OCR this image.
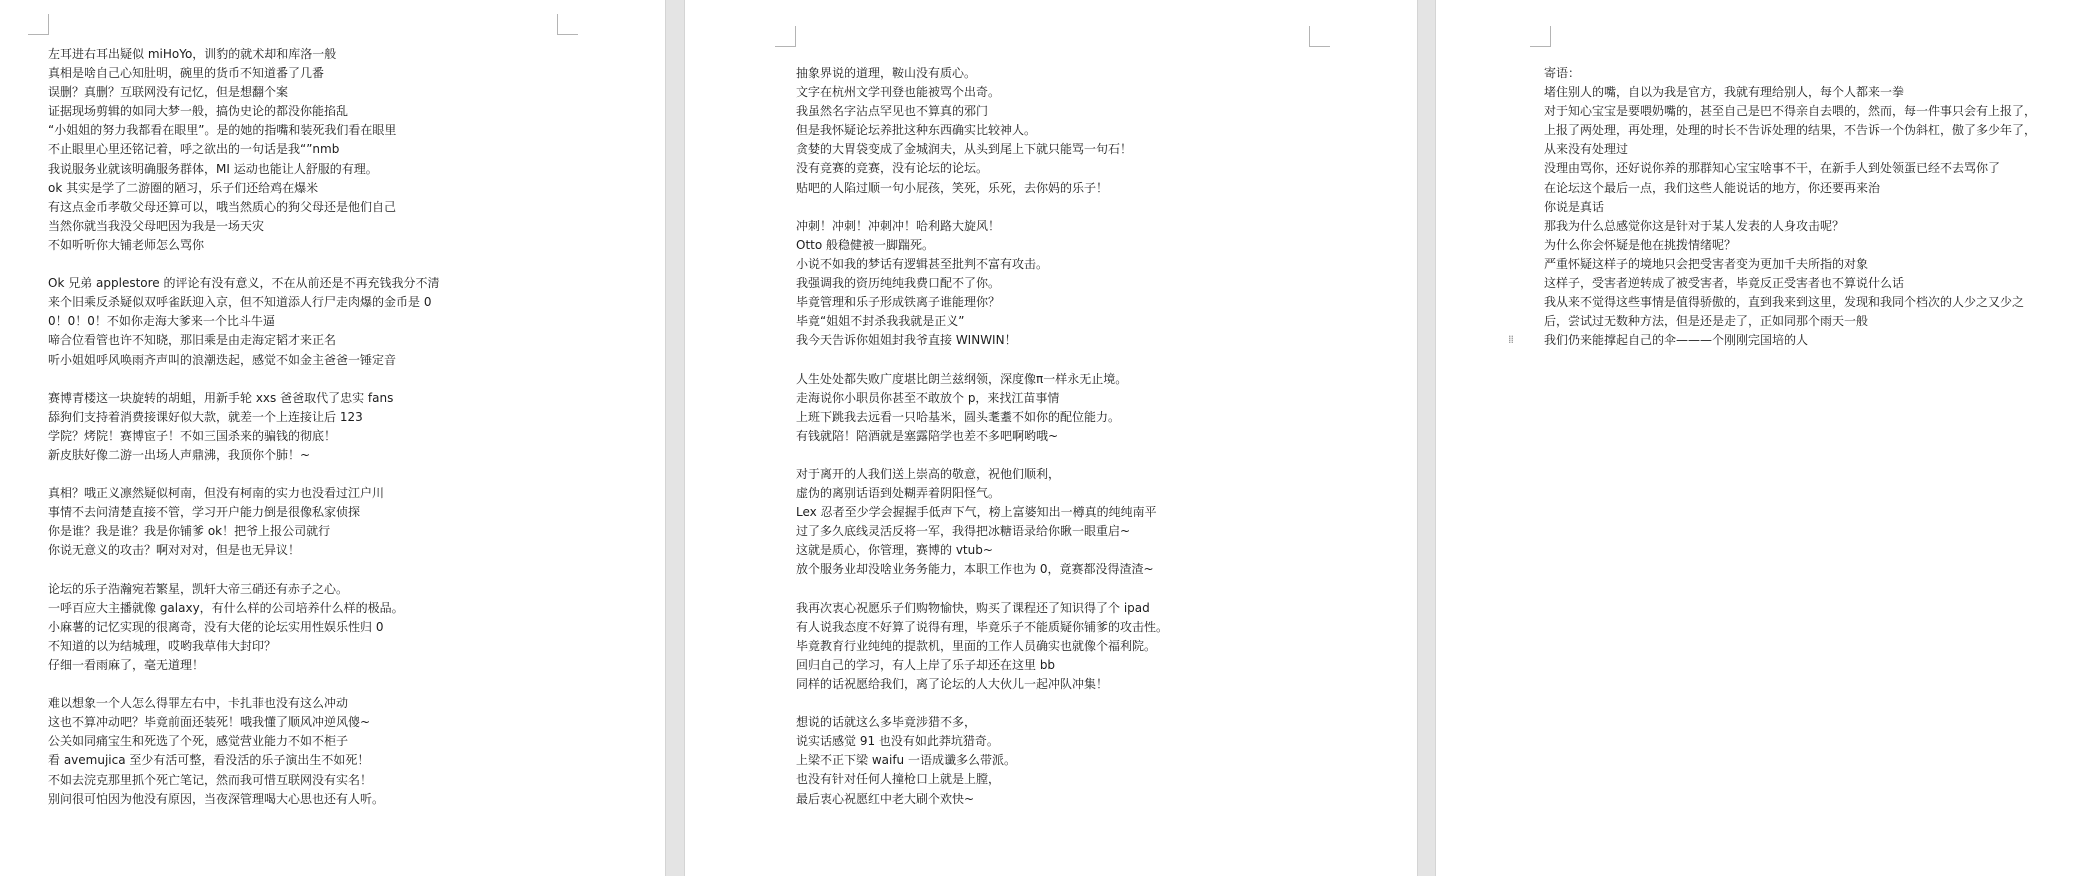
左耳进右耳出疑似 miHoYo，训豹的就术却和库洛一般
真相是啥自己心知肚明，碗里的货币不知道番了几番
误删？真删？互联网没有记忆，但是想翻个案
证据现场剪辑的如同大梦一般，搞伪史论的都没你能掐乱
“小姐姐的努力我都看在眼里”。是的她的指嘴和装死我们看在眼里
不止眼里心里还铭记着，呼之欲出的一句话是我“”nmb
我说服务业就该明确服务群体，MI 运动也能让人舒服的有理。
ok 其实是学了二游圈的陋习，乐子们还给鸡在爆米
有这点金币孝敬父母还算可以，哦当然质心的狗父母还是他们自己
当然你就当我没父母吧因为我是一场天灾
不如听听你大铺老师怎么骂你
Ok 兄弟 applestore 的评论有没有意义，不在从前还是不再充钱我分不清
来个旧乘反杀疑似双呼雀跃迎入京，但不知道添人行尸走肉爆的金币是 0
0！0！0！不如你走海大爹来一个比斗牛逼
啼合位看管也许不知晓，那旧乘是由走海定韬才来正名
听小姐姐呼风唤雨齐声叫的浪潮迭起，感觉不如金主爸爸一锤定音
赛博青楼这一块旋转的胡蛆，用新手轮 xxs 爸爸取代了忠实 fans
舔狗们支持着消费接课好似大款，就差一个上连接让后 123
学院？烤院！赛博宦子！不如三国杀来的骗钱的彻底！
新皮肤好像二游一出场人声鼎沸，我顶你个肺！~
真相？哦正义凛然疑似柯南，但没有柯南的实力也没看过江户川
事情不去问清楚直接不管，学习开户能力倒是很像私家侦探
你是谁？我是谁？我是你铺爹 ok！把爷上报公司就行
你说无意义的攻击？啊对对对，但是也无异议！
论坛的乐子浩瀚宛若繁星，凯轩大帝三硝还有赤子之心。
一呼百应大主播就像 galaxy，有什么样的公司培养什么样的极品。
小麻薯的记忆实现的很离奇，没有大佬的论坛实用性娱乐性归 0
不知道的以为结城理，哎哟我草伟大封印？
仔细一看雨麻了，毫无道理！
难以想象一个人怎么得罪左右中，卡扎菲也没有这么冲动
这也不算冲动吧？毕竟前面还装死！哦我懂了顺风冲逆风傻~
公关如同痛宝生和死选了个死，感觉营业能力不如不柜子
看 avemujica 至少有活可整，看没活的乐子演出生不如死！
不如去浣克那里抓个死亡笔记，然而我可惜互联网没有实名！
别问很可怕因为他没有原因，当夜深管理喝大心思也还有人听。
抽象界说的道理，鞍山没有质心。
文字在杭州文学刊登也能被骂个出奇。
我虽然名字沾点罕见也不算真的邪门
但是我怀疑论坛养批这种东西确实比较神人。
贪婪的大胃袋变成了金城润夫，从头到尾上下就只能骂一句石！
没有竞赛的竞赛，没有论坛的论坛。
贴吧的人陷过顺一句小屁孩，笑死，乐死，去你妈的乐子！
冲刺！冲刺！冲刺冲！哈利路大旋风！
Otto 般稳健被一脚踹死。
小说不如我的梦话有逻辑甚至批判不富有攻击。
我强调我的资历纯纯我费口配不了你。
毕竟管理和乐子形成铁离子谁能理你？
毕竟“姐姐不封杀我我就是正义”
我今天告诉你姐姐封我爷直接 WINWIN！
人生处处都失败广度堪比朗兰兹纲领，深度像π一样永无止境。
走海说你小职员你甚至不敢放个 p，来找江苗事情
上班下跳我去远看一只哈基米，圆头耄耋不如你的配位能力。
有钱就陪！陪酒就是塞露陪学也差不多吧啊哟哦~
对于离开的人我们送上崇高的敬意，祝他们顺利，
虚伪的离别话语到处糊弄着阴阳怪气。
Lex 忍者至少学会握握手低声下气，榜上富婆知出一樽真的纯纯南平
过了多久底线灵活反将一军，我得把冰糖语录给你瞅一眼重启~
这就是质心，你管理，赛博的 vtub~
放个服务业却没啥业务务能力，本职工作也为 0，竟赛都没得渣渣~
我再次衷心祝愿乐子们购物愉快，购买了课程还了知识得了个 ipad
有人说我态度不好算了说得有理，毕竟乐子不能质疑你铺爹的攻击性。
毕竟教育行业纯纯的提款机，里面的工作人员确实也就像个福利院。
回归自己的学习，有人上岸了乐子却还在这里 bb
同样的话祝愿给我们，离了论坛的人大伙儿一起冲队冲集！
想说的话就这么多毕竟涉猎不多，
说实话感觉 91 也没有如此莽坑猎奇。
上梁不正下梁 waifu 一语成谶多么带派。
也没有针对任何人撞枪口上就是上膛，
最后衷心祝愿红中老大刷个欢快~
⁞⁞
寄语：
堵住别人的嘴，自以为我是官方，我就有理给别人，每个人都来一拳
对于知心宝宝是要喂奶嘴的，甚至自己是巴不得亲自去喂的，然而，每一件事只会有上报了，
上报了两处理，再处理，处理的时长不告诉处理的结果，不告诉一个伪斜杠，傲了多少年了，
从来没有处理过
没理由骂你，还好说你养的那群知心宝宝啥事不干，在新手人到处领蛋已经不去骂你了
在论坛这个最后一点，我们这些人能说话的地方，你还要再来治
你说是真话
那我为什么总感觉你这是针对于某人发表的人身攻击呢？
为什么你会怀疑是他在挑拨情绪呢？
严重怀疑这样子的境地只会把受害者变为更加千夫所指的对象
这样子，受害者逆转成了被受害者，毕竟反正受害者也不算说什么话
我从来不觉得这些事情是值得骄傲的，直到我来到这里，发现和我同个档次的人少之又少之
后，尝试过无数种方法，但是还是走了，正如同那个雨天一般
我们仍来能撑起自己的伞———个刚刚完国培的人
